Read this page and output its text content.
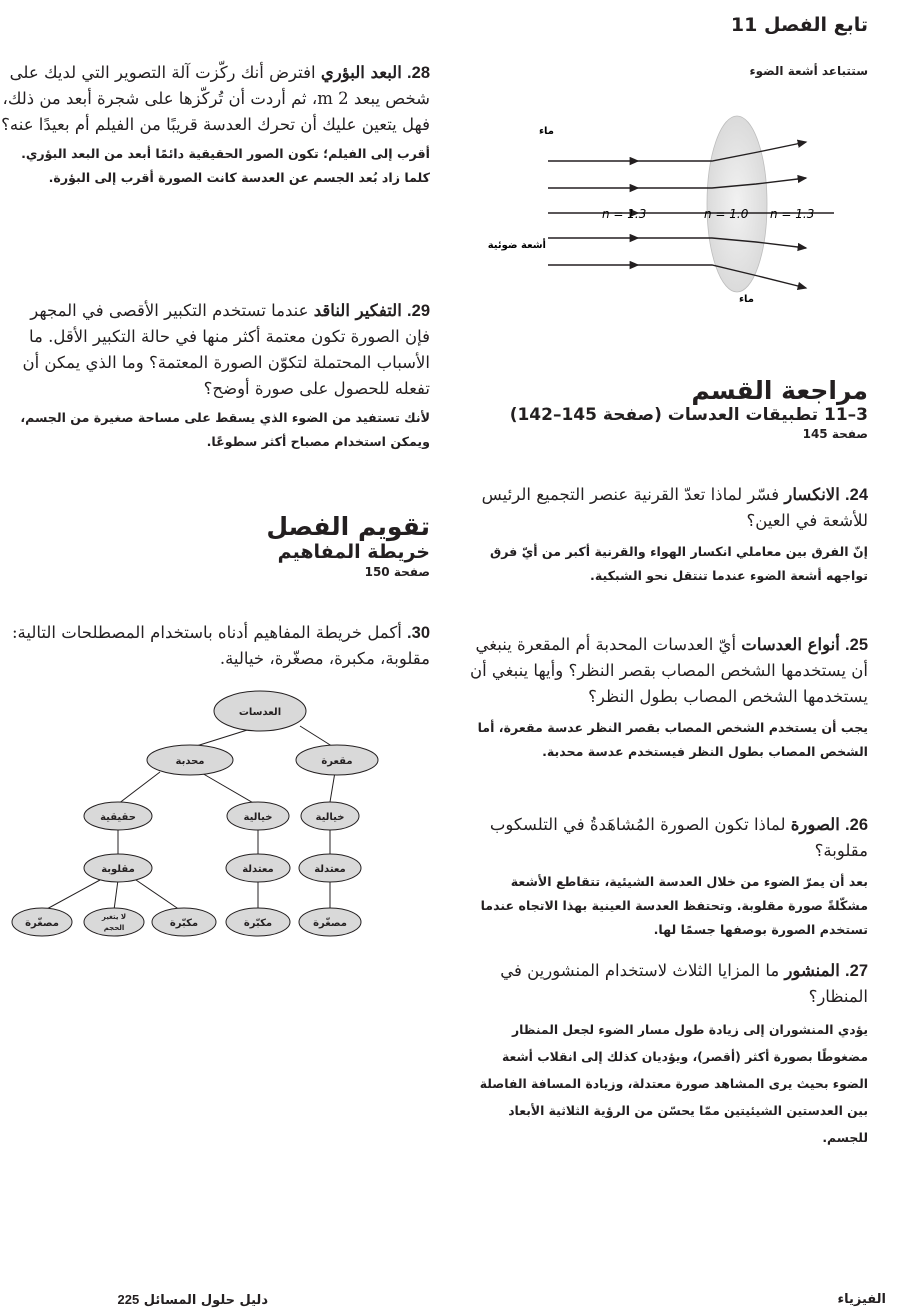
تابع الفصل 11
ستتباعد أشعة الضوء
ماء
أشعة ضوئية
ماء
n = 1.3	n = 1.0 n = 1.3

مراجعة القسم

3–11 تطبيقات العدسات (صفحة 145–142)

صفحة 145

24. الانكسار فسّر لماذا تعدّ القرنية عنصر التجميع الرئيس للأشعة في العين؟

إنّ الفرق بين معاملي انكسار الهواء والقرنية أكبر من أيّ فرق تواجهه أشعة الضوء عندما تنتقل نحو الشبكية.

25. أنواع العدسات أيّ العدسات المحدبة أم المقعرة ينبغي أن يستخدمها الشخص المصاب بقصر النظر؟ وأيها ينبغي أن يستخدمها الشخص المصاب بطول النظر؟

يجب أن يستخدم الشخص المصاب بقصر النظر عدسة مقعرة، أما الشخص المصاب بطول النظر فيستخدم عدسة محدبة.

26. الصورة لماذا تكون الصورة المُشاهَدةُ في التلسكوب مقلوبة؟

بعد أن يمرّ الضوء من خلال العدسة الشيئية، تتقاطع الأشعة مشكّلةً صورة مقلوبة. وتحتفظ العدسة العينية بهذا الاتجاه عندما تستخدم الصورة بوصفها جسمًا لها.

27. المنشور ما المزايا الثلاث لاستخدام المنشورين في المنظار؟

يؤدي المنشوران إلى زيادة طول مسار الضوء لجعل المنظار مضغوطًا بصورة أكثر (أقصر)، ويؤديان كذلك إلى انقلاب أشعة الضوء بحيث يرى المشاهد صورة معتدلة، وزيادة المسافة الفاصلة بين العدستين الشيئيتين ممّا يحسّن من الرؤية الثلاثية الأبعاد للجسم.

28. البعد البؤري افترض أنك ركّزت آلة التصوير التي لديك على شخص يبعد 2 m، ثم أردت أن تُركّزها على شجرة أبعد من ذلك، فهل يتعين عليك أن تحرك العدسة قريبًا من الفيلم أم بعيدًا عنه؟

أقرب إلى الفيلم؛ تكون الصور الحقيقية دائمًا أبعد من البعد البؤري. كلما زاد بُعد الجسم عن العدسة كانت الصورة أقرب إلى البؤرة.

29. التفكير الناقد عندما تستخدم التكبير الأقصى في المجهر فإن الصورة تكون معتمة أكثر منها في حالة التكبير الأقل. ما الأسباب المحتملة لتكوّن الصورة المعتمة؟ وما الذي يمكن أن تفعله للحصول على صورة أوضح؟

لأنك تستفيد من الضوء الذي يسقط على مساحة صغيرة من الجسم، ويمكن استخدام مصباح أكثر سطوعًا.

تقويم الفصل

خريطة المفاهيم

صفحة 150

30. أكمل خريطة المفاهيم أدناه باستخدام المصطلحات التالية: مقلوبة، مكبرة، مصغّرة، خيالية.

العدسات
محدبة	مقعرة
حقيقية	خيالية	خيالية
مقلوبة	معتدلة	معتدلة
مصغّرة
لا يتغير
الحجم	مكبّرة	مكبّرة	مصغّرة
الفيزياء
دليل حلول المسائل 225
